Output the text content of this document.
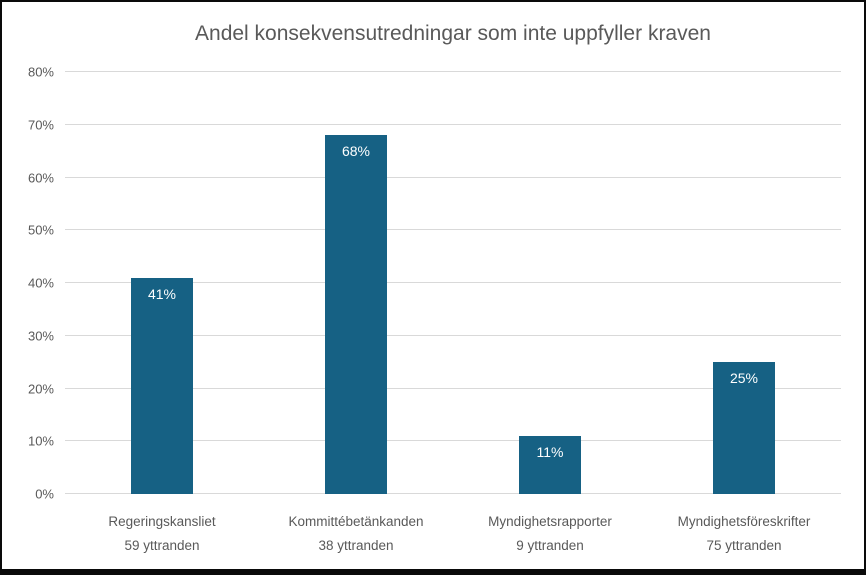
Andel konsekvensutredningar som inte uppfyller kraven
0%
10%
20%
30%
40%
50%
60%
70%
80%
41%
68%
11%
25%
Regeringskansliet
59 yttranden
Kommittébetänkanden
38 yttranden
Myndighetsrapporter
9 yttranden
Myndighetsföreskrifter
75 yttranden
